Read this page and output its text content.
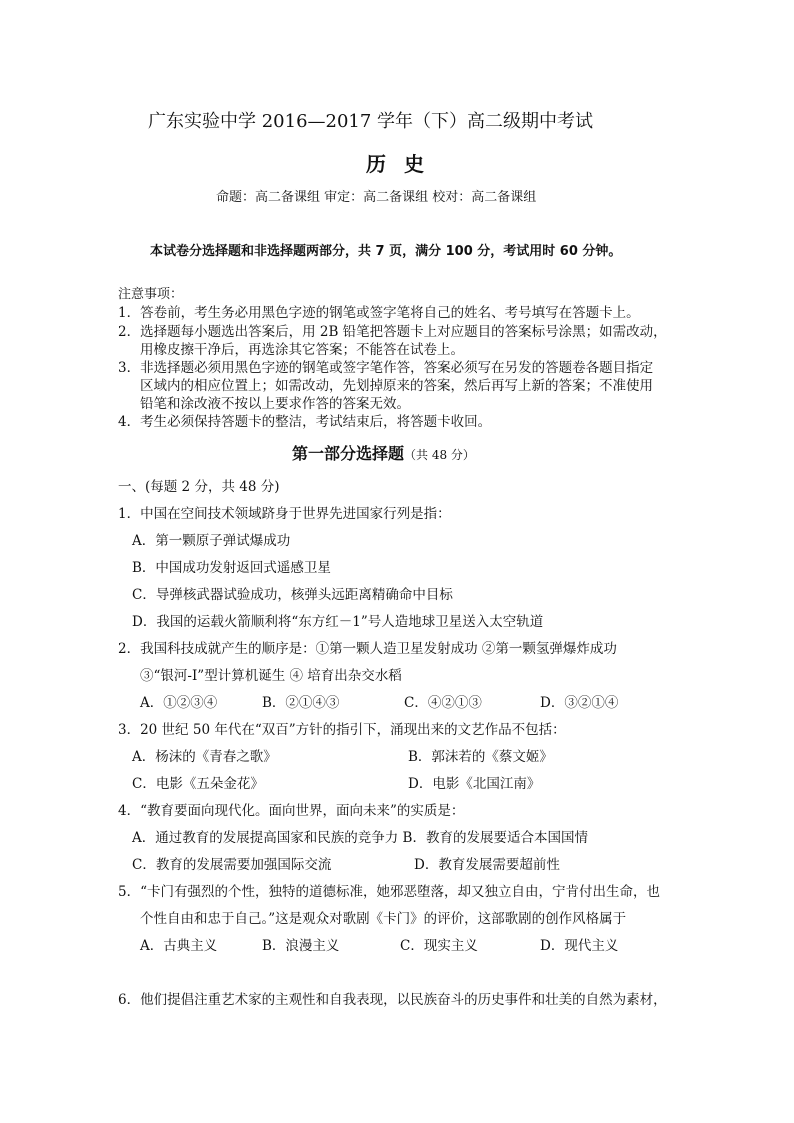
广东实验中学 2016—2017 学年（下）高二级期中考试
历史
命题：高二备课组 审定：高二备课组 校对：高二备课组
本试卷分选择题和非选择题两部分，共 7 页，满分 100 分，考试用时 60 分钟。
注意事项：
1．答卷前，考生务必用黑色字迹的钢笔或签字笔将自己的姓名、考号填写在答题卡上。
2．选择题每小题选出答案后，用 2B 铅笔把答题卡上对应题目的答案标号涂黑；如需改动，
用橡皮擦干净后，再选涂其它答案；不能答在试卷上。
3．非选择题必须用黑色字迹的钢笔或签字笔作答，答案必须写在另发的答题卷各题目指定
区域内的相应位置上；如需改动，先划掉原来的答案，然后再写上新的答案；不准使用
铅笔和涂改液不按以上要求作答的答案无效。
4．考生必须保持答题卡的整洁，考试结束后，将答题卡收回。
第一部分选择题（共 48 分）
一、(每题 2 分，共 48 分)
1．中国在空间技术领域跻身于世界先进国家行列是指：
A．第一颗原子弹试爆成功
B．中国成功发射返回式遥感卫星
C．导弹核武器试验成功，核弹头远距离精确命中目标
D．我国的运载火箭顺利将“东方红－1”号人造地球卫星送入太空轨道
2．我国科技成就产生的顺序是：①第一颗人造卫星发射成功 ②第一颗氢弹爆炸成功
③“银河-Ⅰ”型计算机诞生 ④ 培育出杂交水稻
A．①②③④	B．②①④③	C．④②①③	D．③②①④
3．20 世纪 50 年代在“双百”方针的指引下，涌现出来的文艺作品不包括：
A．杨沫的《青春之歌》	B．郭沫若的《蔡文姬》
C．电影《五朵金花》	D．电影《北国江南》
4．“教育要面向现代化。面向世界，面向未来”的实质是：
A．通过教育的发展提高国家和民族的竞争力 B．教育的发展要适合本国国情
C．教育的发展需要加强国际交流	D．教育发展需要超前性
5．“卡门有强烈的个性，独特的道德标准，她邪恶堕落，却又独立自由，宁肯付出生命，也
个性自由和忠于自己。”这是观众对歌剧《卡门》的评价，这部歌剧的创作风格属于
A．古典主义	B．浪漫主义	C．现实主义	D．现代主义
6．他们提倡注重艺术家的主观性和自我表现，以民族奋斗的历史事件和壮美的自然为素材，
